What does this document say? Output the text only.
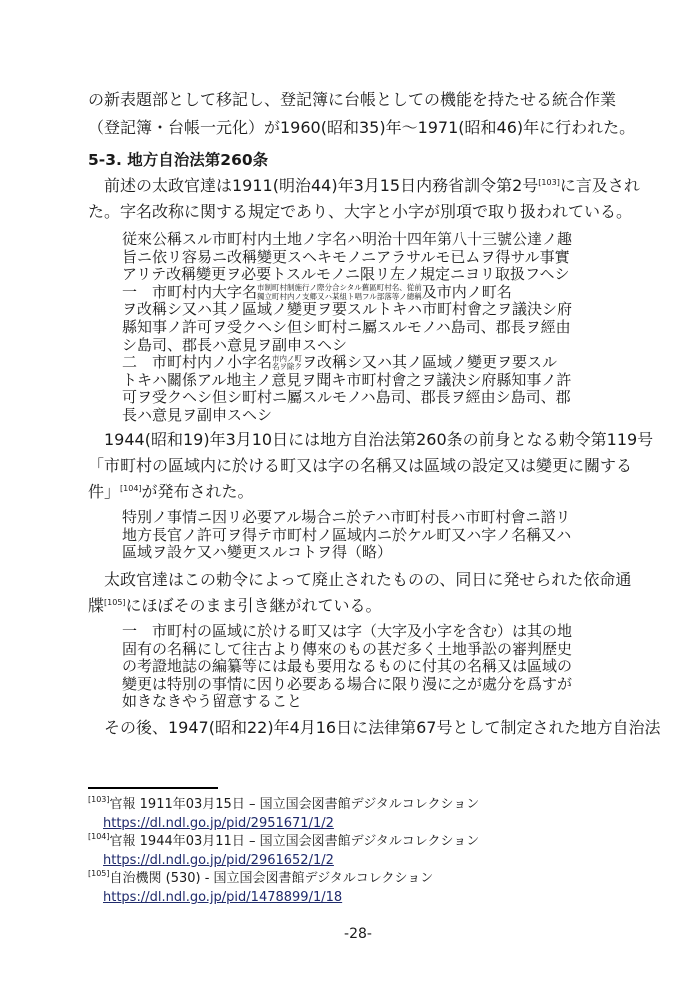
の新表題部として移記し、登記簿に台帳としての機能を持たせる統合作業
（登記簿・台帳一元化）が1960(昭和35)年〜1971(昭和46)年に行われた。
5-3. 地方自治法第260条
前述の太政官達は1911(明治44)年3月15日内務省訓令第2号[103]に言及され
た。字名改称に関する規定であり、大字と小字が別項で取り扱われている。
従來公稱スル市町村内土地ノ字名ハ明治十四年第八十三號公達ノ趣
旨ニ依リ容易ニ改稱變更スヘキモノニアラサルモ已ムヲ得サル事實
アリテ改稱變更ヲ必要トスルモノニ限リ左ノ規定ニヨリ取扱フヘシ
一　市町村内大字名 市制町村制施行ノ際分合シタル舊區町村名、從前
獨立町村内ノ支郷又ハ某組ト唱フル部落等ノ總稱 及市内ノ町名
ヲ改稱シ又ハ其ノ區域ノ變更ヲ要スルトキハ市町村會之ヲ議決シ府
縣知事ノ許可ヲ受クヘシ但シ町村ニ屬スルモノハ島司、郡長ヲ經由
シ島司、郡長ハ意見ヲ副申スヘシ
二　市町村内ノ小字名 市内ノ町
名ヲ除ク ヲ改稱シ又ハ其ノ區域ノ變更ヲ要スル
トキハ關係アル地主ノ意見ヲ聞キ市町村會之ヲ議決シ府縣知事ノ許
可ヲ受クヘシ但シ町村ニ屬スルモノハ島司、郡長ヲ經由シ島司、郡
長ハ意見ヲ副申スヘシ
1944(昭和19)年3月10日には地方自治法第260条の前身となる勅令第119号
「市町村の區域内に於ける町又は字の名稱又は區域の設定又は變更に關する
件」[104]が発布された。
特別ノ事情ニ因リ必要アル場合ニ於テハ市町村長ハ市町村會ニ諮リ
地方長官ノ許可ヲ得テ市町村ノ區域内ニ於ケル町又ハ字ノ名稱又ハ
區域ヲ設ケ又ハ變更スルコトヲ得（略）
太政官達はこの勅令によって廃止されたものの、同日に発せられた依命通
牒[105]にほぼそのまま引き継がれている。
一　市町村の區域に於ける町又は字（大字及小字を含む）は其の地
固有の名稱にして往古より傳來のもの甚だ多く土地爭訟の審判歴史
の考證地誌の編纂等には最も要用なるものに付其の名稱又は區域の
變更は特別の事情に因り必要ある場合に限り漫に之が處分を爲すが
如きなきやう留意すること
その後、1947(昭和22)年4月16日に法律第67号として制定された地方自治法
[103]官報 1911年03月15日 – 国立国会図書館デジタルコレクション
https://dl.ndl.go.jp/pid/2951671/1/2
[104]官報 1944年03月11日 – 国立国会図書館デジタルコレクション
https://dl.ndl.go.jp/pid/2961652/1/2
[105]自治機関 (530) - 国立国会図書館デジタルコレクション
https://dl.ndl.go.jp/pid/1478899/1/18
-28-
